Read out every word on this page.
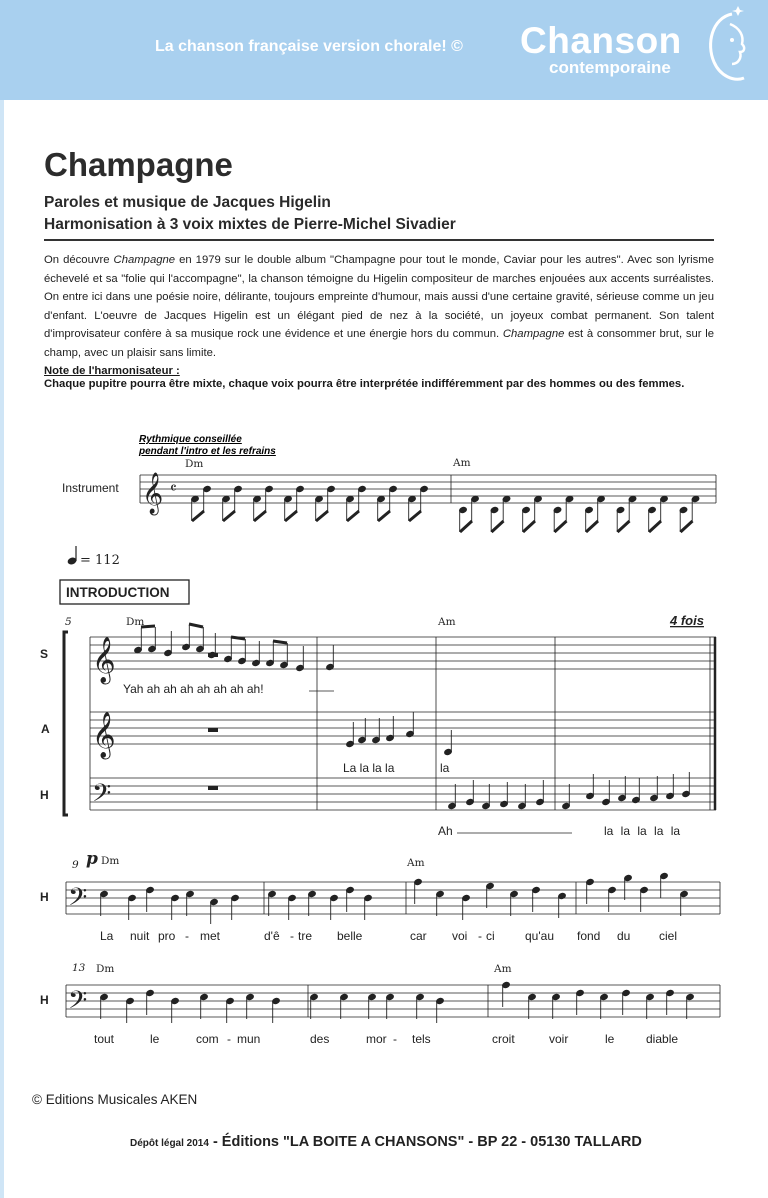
La chanson française version chorale! © Chanson
contemporaine
Champagne
Paroles et musique de Jacques Higelin
Harmonisation à 3 voix mixtes de Pierre-Michel Sivadier
On découvre Champagne en 1979 sur le double album "Champagne pour tout le monde, Caviar pour les autres". Avec son lyrisme échevelé et sa "folie qui l'accompagne", la chanson témoigne du Higelin compositeur de marches enjouées aux accents surréalistes. On entre ici dans une poésie noire, délirante, toujours empreinte d'humour, mais aussi d'une certaine gravité, sérieuse comme un jeu d'enfant. L'oeuvre de Jacques Higelin est un élégant pied de nez à la société, un joyeux combat permanent. Son talent d'improvisateur confère à sa musique rock une évidence et une énergie hors du commun. Champagne est à consommer brut, sur le champ, avec un plaisir sans limite.
Note de l'harmonisateur :
Chaque pupitre pourra être mixte, chaque voix pourra être interprétée indifféremment par des hommes ou des femmes.
𝄞
𝄞
𝄞
𝄢
𝄢
𝄢
𝄴
Rythmique conseillée
pendant l'intro et les refrains
Instrument
Dm	Am
= 112
INTRODUCTION
4 fois
5	Dm	Am
S
A
H
H
H
Yah ah ah ah ah ah ah ah!
La la la la	la
Ah	la la la la la
9 p Dm	Am
13 Dm	Am
La nuit pro - met	d'ê - tre belle	car voi - ci	qu'au fond du ciel
tout	le	com - mun	des	mor - tels	croit	voir	le	diable
© Editions Musicales AKEN
Dépôt légal 2014 - Éditions "LA BOITE A CHANSONS" - BP 22 - 05130 TALLARD
